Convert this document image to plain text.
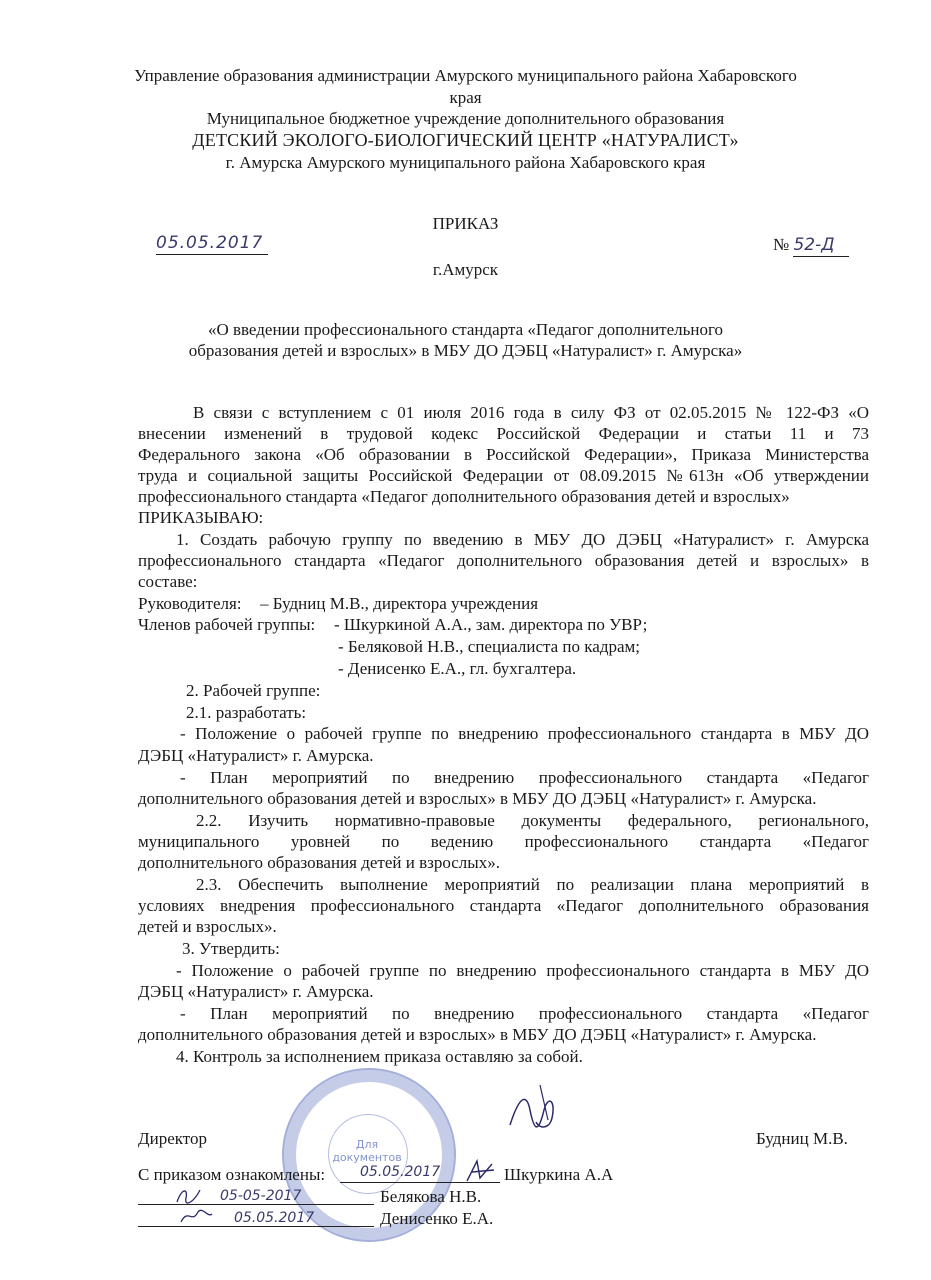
Управление образования администрации Амурского муниципального района Хабаровского
края
Муниципальное бюджетное учреждение дополнительного образования
ДЕТСКИЙ ЭКОЛОГО-БИОЛОГИЧЕСКИЙ ЦЕНТР «НАТУРАЛИСТ»
г. Амурска Амурского муниципального района Хабаровского края
ПРИКАЗ
05.05.2017	№ 52-Д
г.Амурск
«О введении профессионального стандарта «Педагог дополнительного
образования детей и взрослых» в МБУ ДО ДЭБЦ «Натуралист» г. Амурска»
В связи с вступлением с 01 июля 2016 года в силу ФЗ от 02.05.2015 № 122-ФЗ «О
внесении изменений в трудовой кодекс Российской Федерации и статьи 11 и 73
Федерального закона «Об образовании в Российской Федерации», Приказа Министерства
труда и социальной защиты Российской Федерации от 08.09.2015 №613н «Об утверждении
профессионального стандарта «Педагог дополнительного образования детей и взрослых»
ПРИКАЗЫВАЮ:
1. Создать рабочую группу по введению в МБУ ДО ДЭБЦ «Натуралист» г. Амурска
профессионального стандарта «Педагог дополнительного образования детей и взрослых» в
составе:
Руководителя: – Будниц М.В., директора учреждения
Членов рабочей группы: - Шкуркиной А.А., зам. директора по УВР;
- Беляковой Н.В., специалиста по кадрам;
- Денисенко Е.А., гл. бухгалтера.
2. Рабочей группе:
2.1. разработать:
- Положение о рабочей группе по внедрению профессионального стандарта в МБУ ДО
ДЭБЦ «Натуралист» г. Амурска.
- План мероприятий по внедрению профессионального стандарта «Педагог
дополнительного образования детей и взрослых» в МБУ ДО ДЭБЦ «Натуралист» г. Амурска.
2.2. Изучить нормативно-правовые документы федерального, регионального,
муниципального уровней по ведению профессионального стандарта «Педагог
дополнительного образования детей и взрослых».
2.3. Обеспечить выполнение мероприятий по реализации плана мероприятий в
условиях внедрения профессионального стандарта «Педагог дополнительного образования
детей и взрослых».
3. Утвердить:
- Положение о рабочей группе по внедрению профессионального стандарта в МБУ ДО
ДЭБЦ «Натуралист» г. Амурска.
- План мероприятий по внедрению профессионального стандарта «Педагог
дополнительного образования детей и взрослых» в МБУ ДО ДЭБЦ «Натуралист» г. Амурска.
4. Контроль за исполнением приказа оставляю за собой.
Для
документов
Директор	Будниц М.В.
С приказом ознакомлены: 05.05.2017	Шкуркина А.А
05-05-2017	Белякова Н.В.
05.05.2017	Денисенко Е.А.
